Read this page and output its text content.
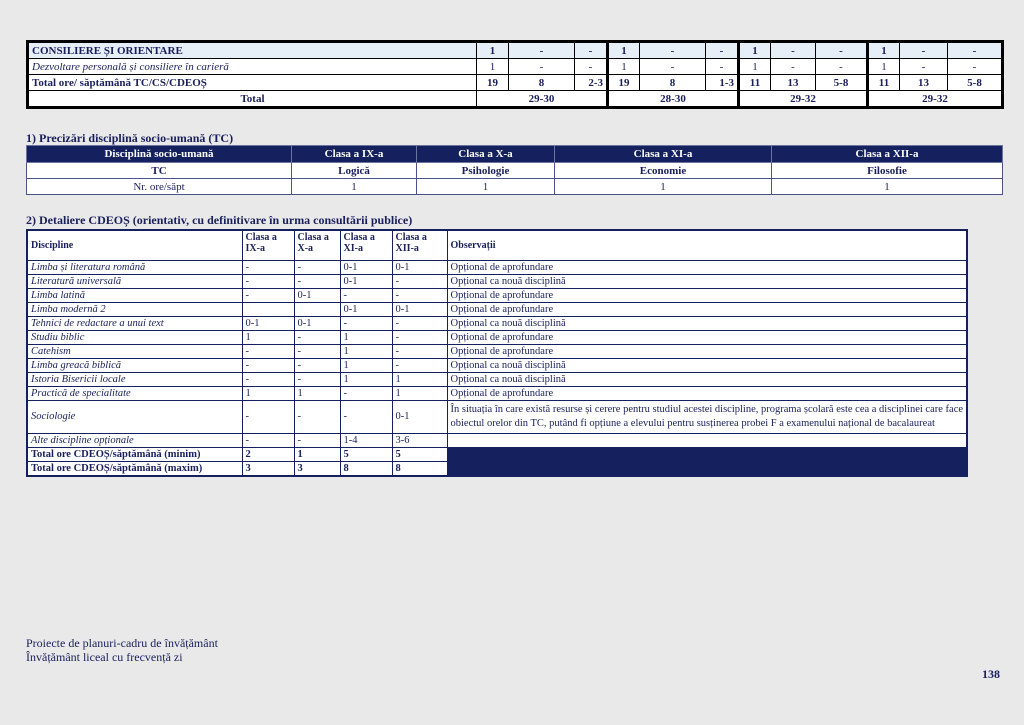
CONSILIERE ȘI ORIENTARE	1	-	-	1	-	-	1	-	-	1	-	-
Dezvoltare personală și consiliere în carieră	1	-	-	1	-	-	1	-	-	1	-	-
Total ore/ săptămână TC/CS/CDEOȘ	19	8	2-3	19	8	1-3	11	13	5-8	11	13	5-8
Total	29-30			28-30			29-32			29-32		
1) Precizări disciplină socio-umană (TC)
Disciplină socio-umană	Clasa a IX-a	Clasa a X-a	Clasa a XI-a	Clasa a XII-a
TC	Logică	Psihologie	Economie	Filosofie
Nr. ore/săpt	1	1	1	1
2) Detaliere CDEOȘ (orientativ, cu definitivare în urma consultării publice)
Discipline	Clasa a IX-a	Clasa a X-a	Clasa a XI-a	Clasa a XII-a	Observații
Limba și literatura română	-	-	0-1	0-1	Opțional de aprofundare
Literatură universală	-	-	0-1	-	Opțional ca nouă disciplină
Limba latină	-	0-1	-	-	Opțional de aprofundare
Limba modernă 2			0-1	0-1	Opțional de aprofundare
Tehnici de redactare a unui text	0-1	0-1	-	-	Opțional ca nouă disciplină
Studiu biblic	1	-	1	-	Opțional de aprofundare
Catehism	-	-	1	-	Opțional de aprofundare
Limba greacă biblică	-	-	1	-	Opțional ca nouă disciplină
Istoria Bisericii locale	-	-	1	1	Opțional ca nouă disciplină
Practică de specialitate	1	1	-	1	Opțional de aprofundare
Sociologie	-	-	-	0-1	În situația în care există resurse și cerere pentru studiul acestei discipline, programa școlară este cea a disciplinei care face obiectul orelor din TC, putând fi opțiune a elevului pentru susținerea probei F a examenului național de bacalaureat
Alte discipline opționale	-	-	1-4	3-6	
Total ore CDEOȘ/săptămână (minim)	2	1	5	5	
Total ore CDEOȘ/săptămână (maxim)	3	3	8	8	
Proiecte de planuri-cadru de învățământ
Învățământ liceal cu frecvență zi
138
